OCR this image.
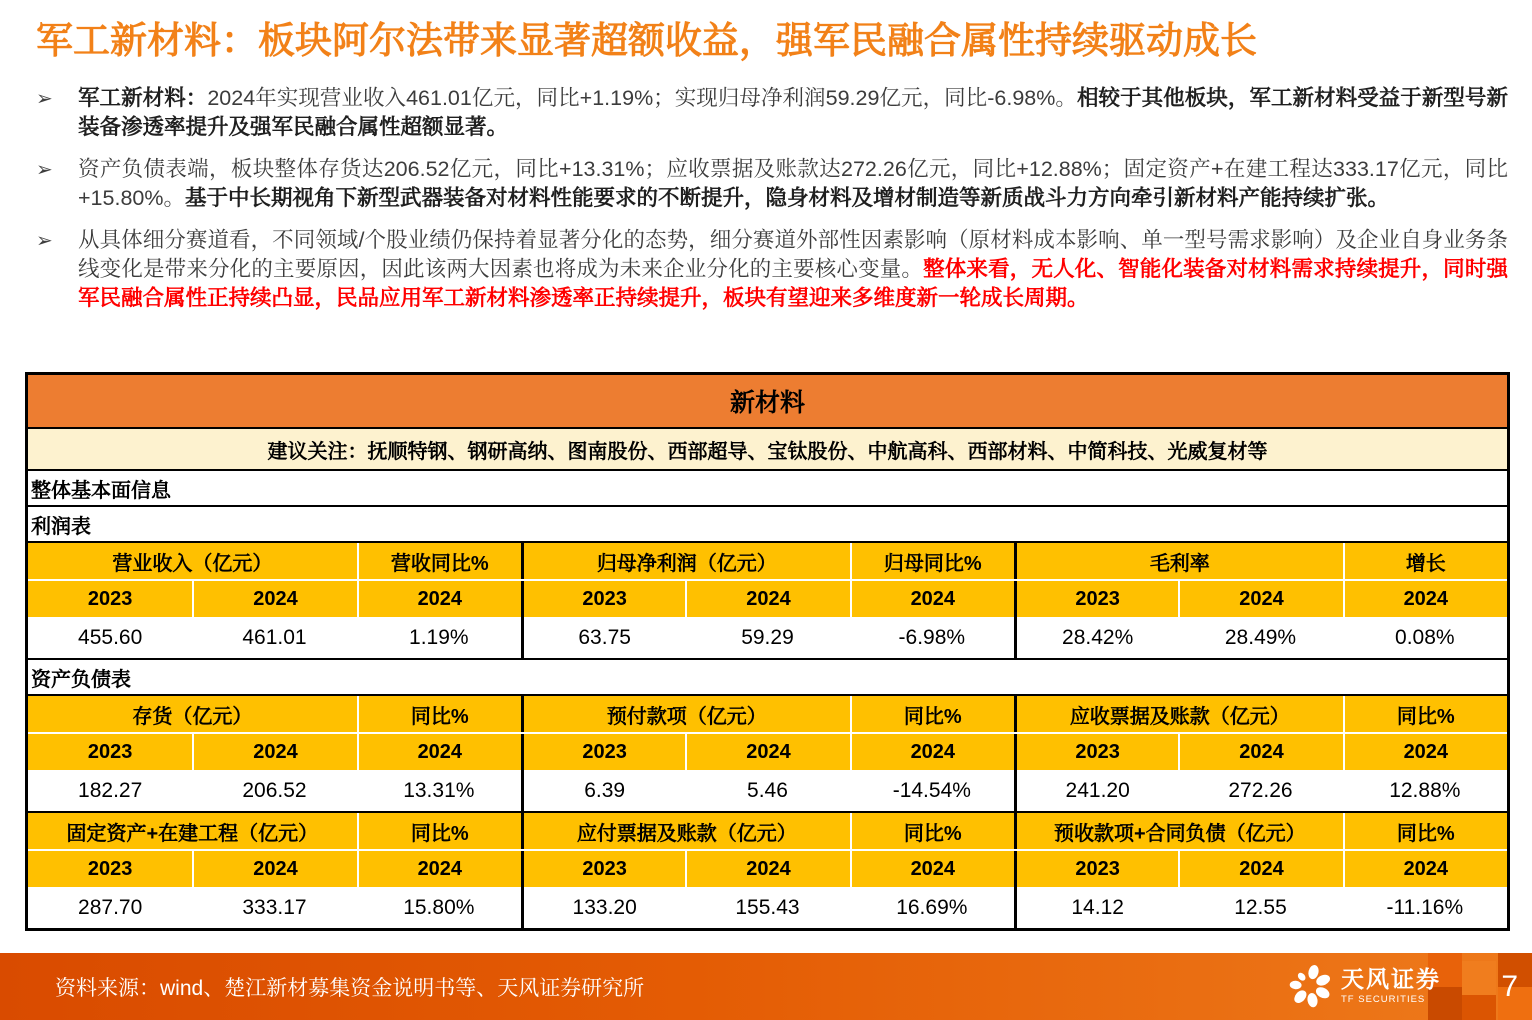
军工新材料：板块阿尔法带来显著超额收益，强军民融合属性持续驱动成长
➢	军工新材料：2024年实现营业收入461.01亿元，同比+1.19%；实现归母净利润59.29亿元，同比-6.98%。相较于其他板块，军工新材料受益于新型号新装备渗透率提升及强军民融合属性超额显著。
➢	资产负债表端，板块整体存货达206.52亿元，同比+13.31%；应收票据及账款达272.26亿元，同比+12.88%；固定资产+在建工程达333.17亿元，同比+15.80%。基于中长期视角下新型武器装备对材料性能要求的不断提升，隐身材料及增材制造等新质战斗力方向牵引新材料产能持续扩张。
➢	从具体细分赛道看，不同领域/个股业绩仍保持着显著分化的态势，细分赛道外部性因素影响（原材料成本影响、单一型号需求影响）及企业自身业务条线变化是带来分化的主要原因，因此该两大因素也将成为未来企业分化的主要核心变量。整体来看，无人化、智能化装备对材料需求持续提升，同时强军民融合属性正持续凸显，民品应用军工新材料渗透率正持续提升，板块有望迎来多维度新一轮成长周期。
新材料
建议关注：抚顺特钢、钢研高纳、图南股份、西部超导、宝钛股份、中航高科、西部材料、中简科技、光威复材等
整体基本面信息
利润表
营业收入（亿元）	营收同比%	归母净利润（亿元）	归母同比%	毛利率	增长
2023	2024	2024	2023	2024	2024	2023	2024	2024
455.60	461.01	1.19%	63.75	59.29	-6.98%	28.42%	28.49%	0.08%
资产负债表
存货（亿元）	同比%	预付款项（亿元）	同比%	应收票据及账款（亿元）	同比%
2023	2024	2024	2023	2024	2024	2023	2024	2024
182.27	206.52	13.31%	6.39	5.46	-14.54%	241.20	272.26	12.88%
固定资产+在建工程（亿元）	同比%	应付票据及账款（亿元）	同比%	预收款项+合同负债（亿元）	同比%
2023	2024	2024	2023	2024	2024	2023	2024	2024
287.70	333.17	15.80%	133.20	155.43	16.69%	14.12	12.55	-11.16%
资料来源：wind、楚江新材募集资金说明书等、天风证券研究所	天风证券
TF SECURITIES	7
